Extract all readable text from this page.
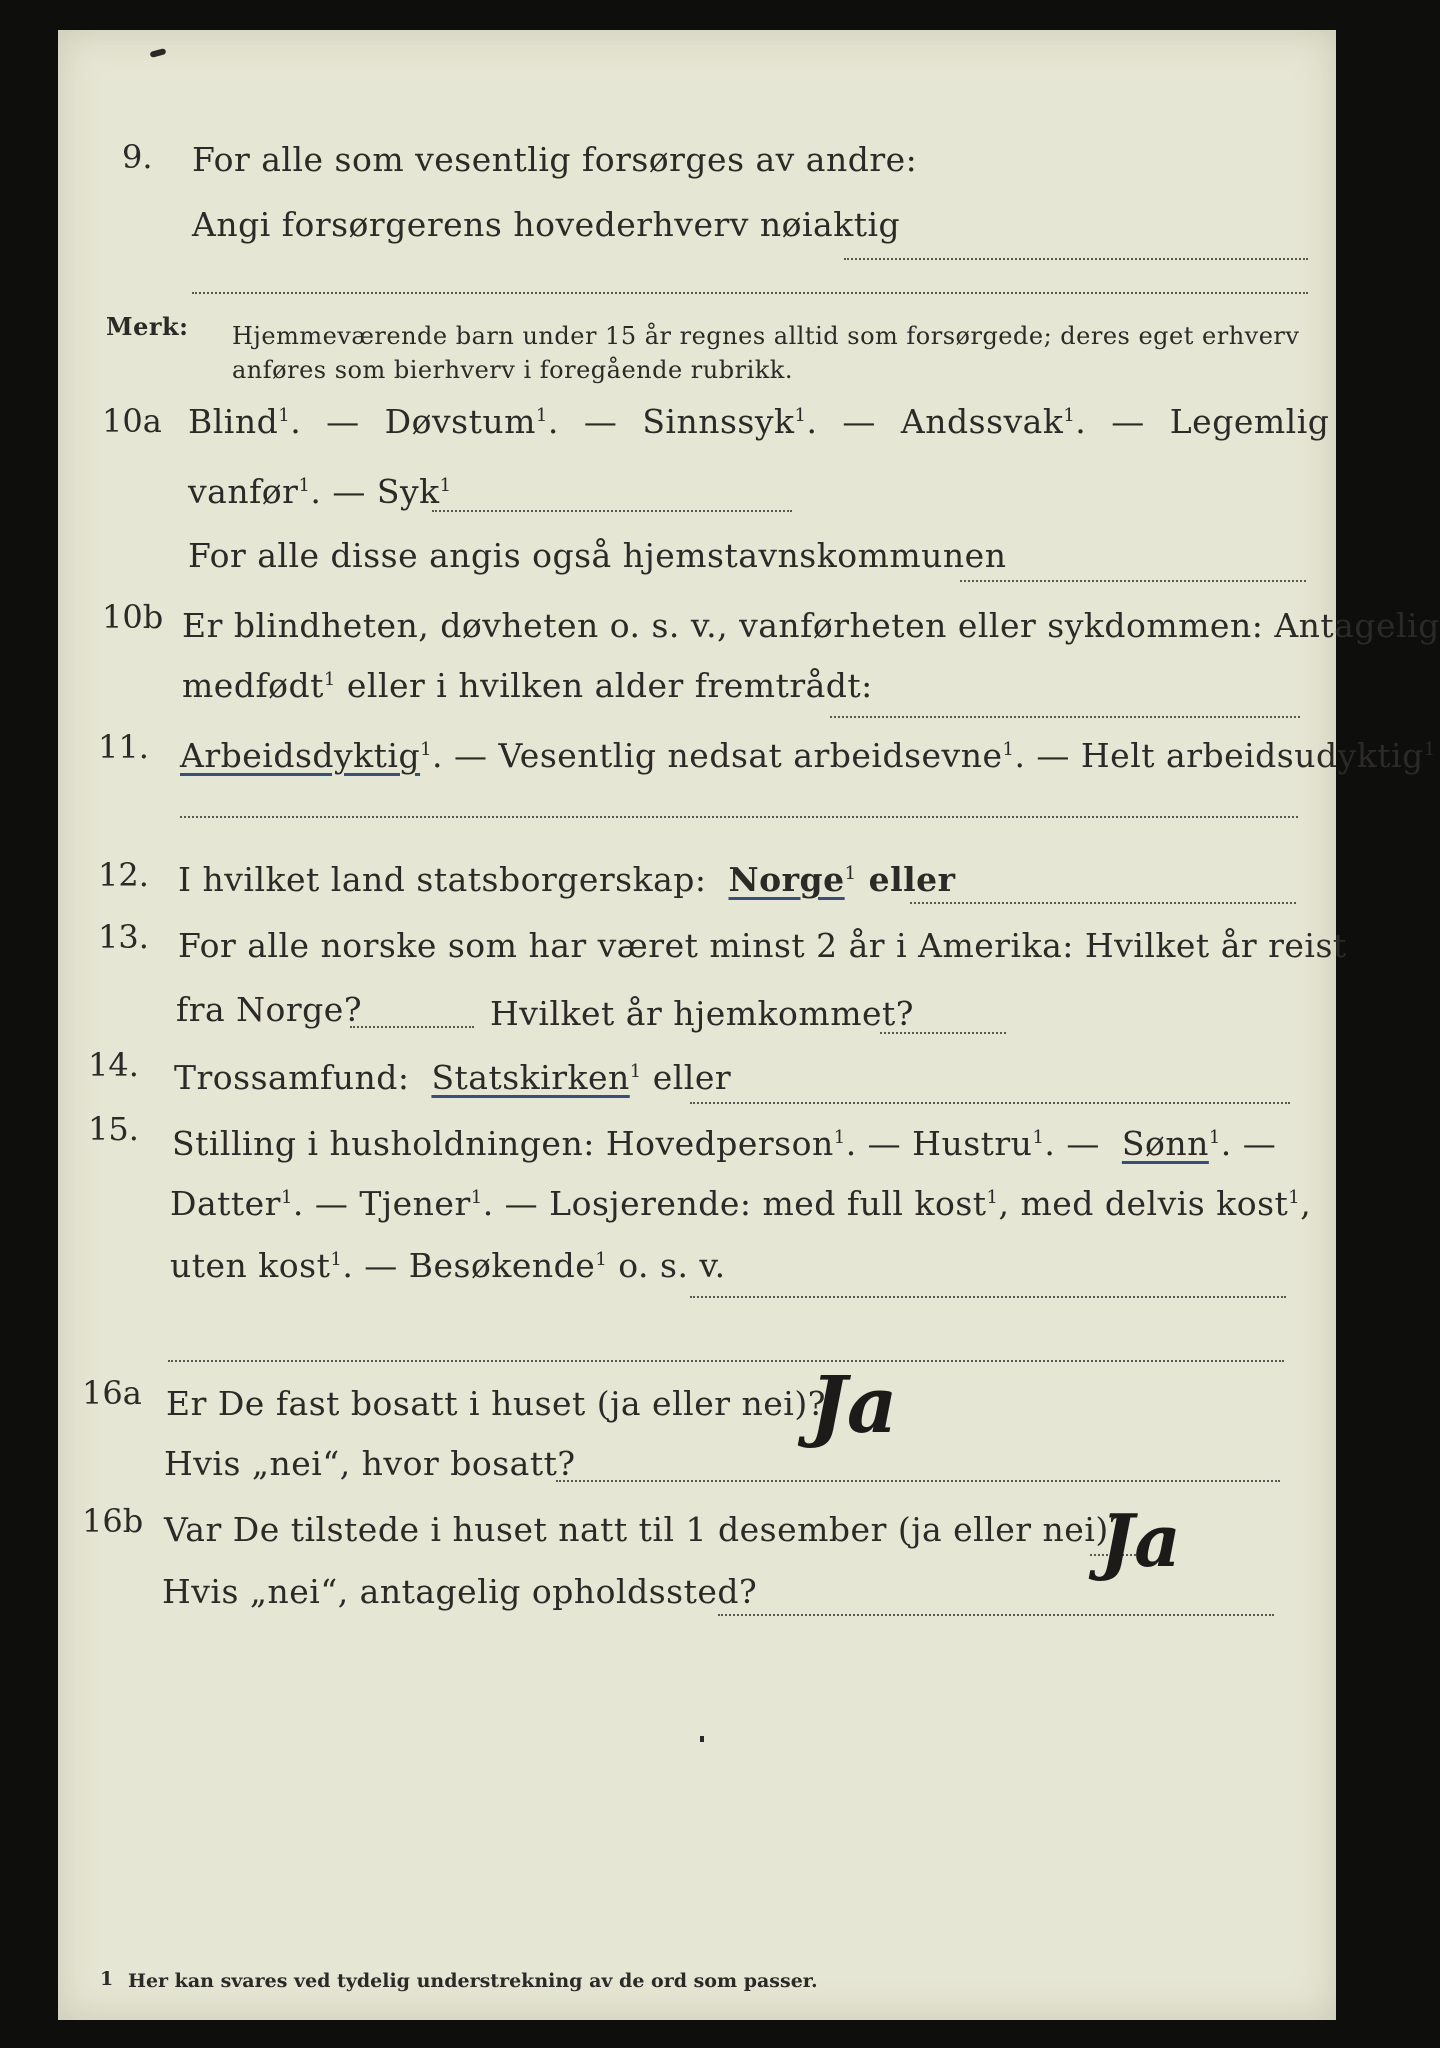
9. For alle som vesentlig forsørges av andre:
Angi forsørgerens hovederhverv nøiaktig
Merk: Hjemmeværende barn under 15 år regnes alltid som forsørgede; deres eget erhverv
anføres som bierhverv i foregående rubrikk.
10a Blind$^1$. — Døvstum$^1$. — Sinnssyk$^1$. — Andssvak$^1$. — Legemlig
vanfør$^1$. — Syk$^1$
For alle disse angis også hjemstavnskommunen
10b Er blindheten, døvheten o. s. v., vanførheten eller sykdommen: Antagelig
medfødt$^1$ eller i hvilken alder fremtrådt:
11. Arbeidsdyktig$^1$. — Vesentlig nedsat arbeidsevne$^1$. — Helt arbeidsudyktig$^1$
12. I hvilket land statsborgerskap: Norge$^1$ eller
13. For alle norske som har været minst 2 år i Amerika: Hvilket år reist
fra Norge?	Hvilket år hjemkommet?
14. Trossamfund: Statskirken$^1$ eller
15. Stilling i husholdningen: Hovedperson$^1$. — Hustru$^1$. — Sønn$^1$. —
Datter$^1$. — Tjener$^1$. — Losjerende: med full kost$^1$, med delvis kost$^1$,
uten kost$^1$. — Besøkende$^1$ o. s. v.
16a Er De fast bosatt i huset (ja eller nei)?
Ja
Hvis „nei“, hvor bosatt?
16b Var De tilstede i huset natt til 1 desember (ja eller nei)?
Ja
Hvis „nei“, antagelig opholdssted?
1 Her kan svares ved tydelig understrekning av de ord som passer.
